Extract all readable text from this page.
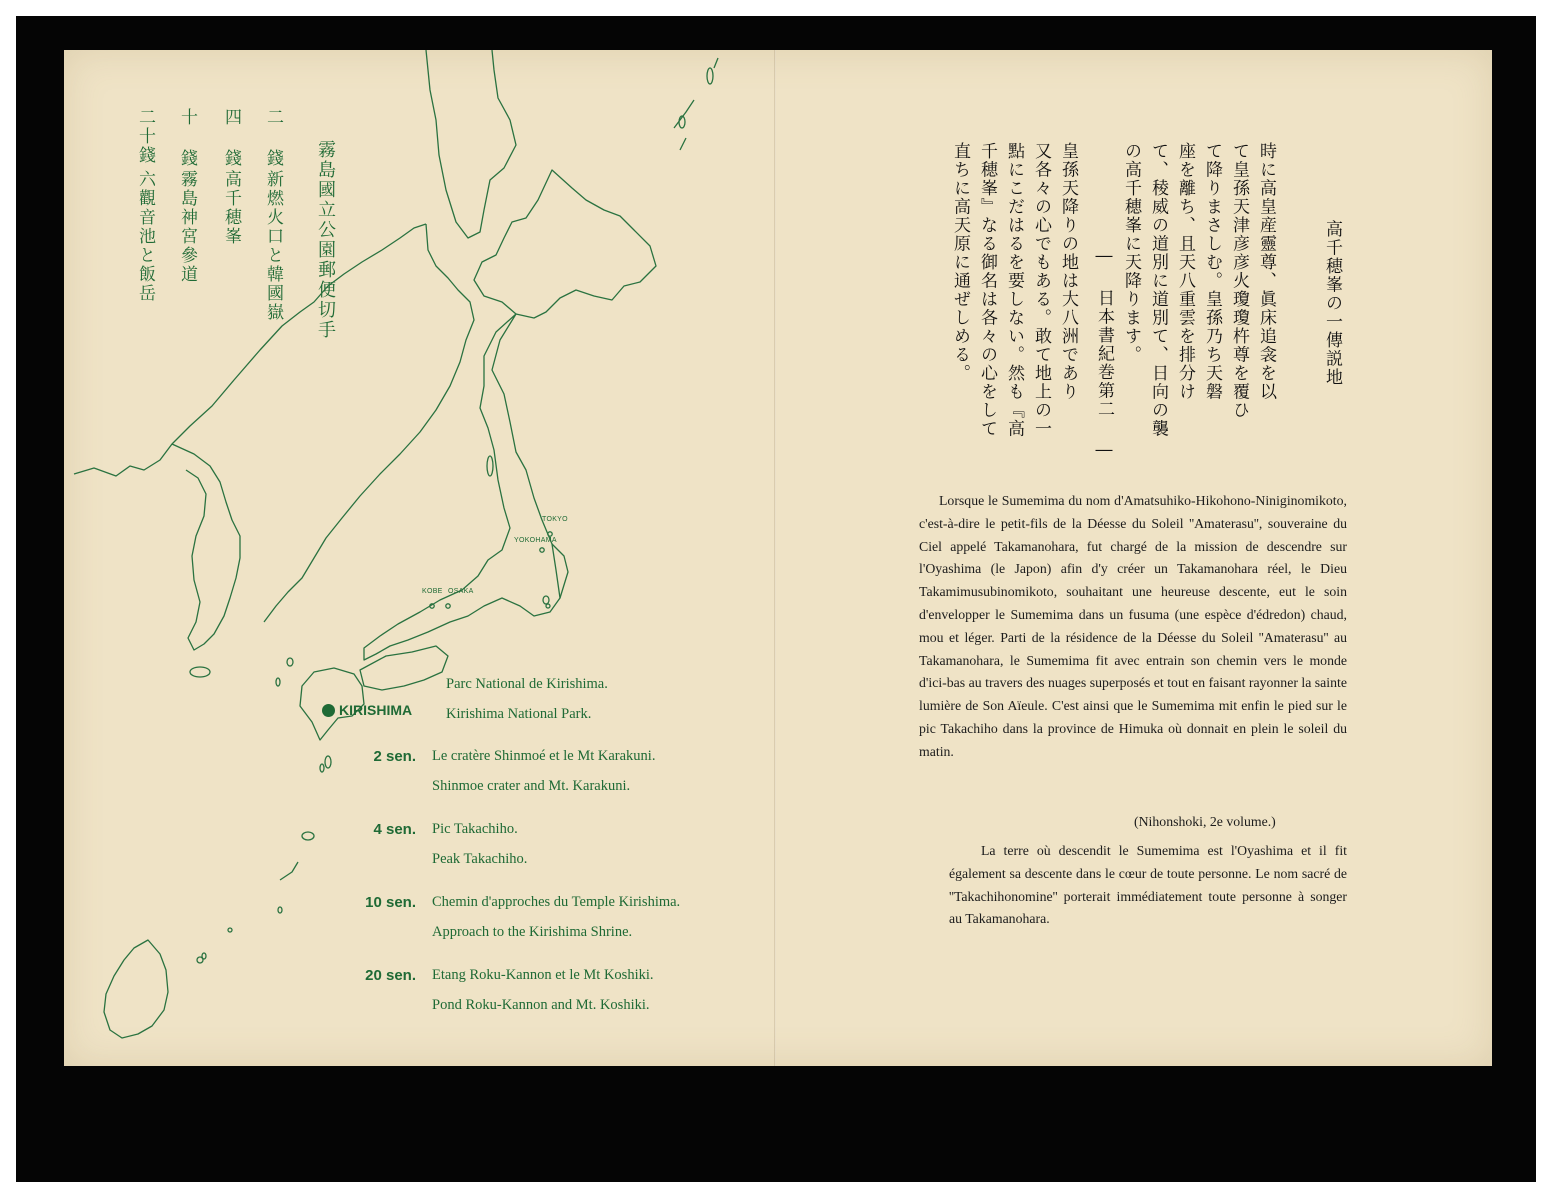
霧島國立公園郵便切手
二 錢
新燃火口と韓國嶽
四 錢
高千穂峯
十 錢
霧島神宮參道
二十錢
六觀音池と飯岳
TOKYO
YOKOHAMA
KOBE OSAKA
KIRISHIMA
Parc National de Kirishima.
Kirishima National Park.
2 sen. Le cratère Shinmoé et le Mt Karakuni.
Shinmoe crater and Mt. Karakuni.
4 sen. Pic Takachiho.
Peak Takachiho.
10 sen. Chemin d'approches du Temple Kirishima.
Approach to the Kirishima Shrine.
20 sen. Etang Roku-Kannon et le Mt Koshiki.
Pond Roku-Kannon and Mt. Koshiki.
高千穂峯の一傳説地
時に高皇産靈尊、眞床追衾を以
て皇孫天津彦彦火瓊瓊杵尊を覆ひ
て降りまさしむ。皇孫乃ち天磐
座を離ち、且天八重雲を排分け
て、稜威の道別に道別て、日向の襲
の高千穂峯に天降ります。
― 日本書紀巻第二 ―
皇孫天降りの地は大八洲であり
又各々の心でもある。敢て地上の一
點にこだはるを要しない。然も『高
千穂峯』なる御名は各々の心をして
直ちに高天原に通ぜしめる。

Lorsque le Sumemima du nom d'Amatsuhiko-Hikohono-Niniginomikoto, c'est-à-dire le petit-fils de la Déesse du Soleil ''Amaterasu'', souveraine du Ciel appelé Takamanohara, fut chargé de la mission de descendre sur l'Oyashima (le Japon) afin d'y créer un Takamanohara réel, le Dieu Takamimusubinomikoto, souhaitant une heureuse descente, eut le soin d'envelopper le Sumemima dans un fusuma (une espèce d'édredon) chaud, mou et léger. Parti de la résidence de la Déesse du Soleil ''Amaterasu'' au Takamanohara, le Sumemima fit avec entrain son chemin vers le monde d'ici-bas au travers des nuages superposés et tout en faisant rayonner la sainte lumière de Son Aïeule. C'est ainsi que le Sumemima mit enfin le pied sur le pic Takachiho dans la province de Himuka où donnait en plein le soleil du matin.

(Nihonshoki, 2e volume.)

La terre où descendit le Sumemima est l'Oyashima et il fit également sa descente dans le cœur de toute personne. Le nom sacré de ''Takachihonomine'' porterait immédiatement toute personne à songer au Takamanohara.
